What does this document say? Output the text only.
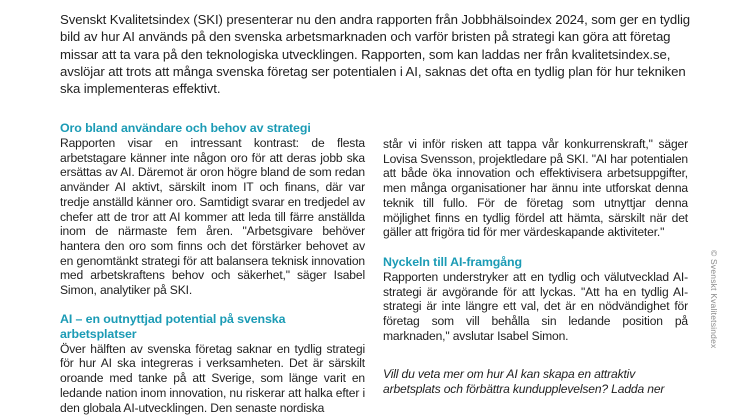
Svenskt Kvalitetsindex (SKI) presenterar nu den andra rapporten från Jobbhälsoindex 2024, som ger en tydlig bild av hur AI används på den svenska arbetsmarknaden och varför bristen på strategi kan göra att företag missar att ta vara på den teknologiska utvecklingen. Rapporten, som kan laddas ner från kvalitetsindex.se, avslöjar att trots att många svenska företag ser potentialen i AI, saknas det ofta en tydlig plan för hur tekniken ska implementeras effektivt.

Oro bland användare och behov av strategi

Rapporten visar en intressant kontrast: de flesta arbetstagare känner inte någon oro för att deras jobb ska ersättas av AI. Däremot är oron högre bland de som redan använder AI aktivt, särskilt inom IT och finans, där var tredje anställd känner oro. Samtidigt svarar en tredjedel av chefer att de tror att AI kommer att leda till färre anställda inom de närmaste fem åren. "Arbetsgivare behöver hantera den oro som finns och det förstärker behovet av en genomtänkt strategi för att balansera teknisk innovation med arbetskraftens behov och säkerhet," säger Isabel Simon, analytiker på SKI.

AI – en outnyttjad potential på svenska arbetsplatser

Över hälften av svenska företag saknar en tydlig strategi för hur AI ska integreras i verksamheten. Det är särskilt oroande med tanke på att Sverige, som länge varit en ledande nation inom innovation, nu riskerar att halka efter i den globala AI-utvecklingen. Den senaste nordiska

står vi inför risken att tappa vår konkurrenskraft," säger Lovisa Svensson, projektledare på SKI. "AI har potentialen att både öka innovation och effektivisera arbetsuppgifter, men många organisationer har ännu inte utforskat denna teknik till fullo. För de företag som utnyttjar denna möjlighet finns en tydlig fördel att hämta, särskilt när det gäller att frigöra tid för mer värdeskapande aktiviteter."

Nyckeln till AI-framgång

Rapporten understryker att en tydlig och välutvecklad AI-strategi är avgörande för att lyckas. "Att ha en tydlig AI-strategi är inte längre ett val, det är en nödvändighet för företag som vill behålla sin ledande position på marknaden," avslutar Isabel Simon.

Vill du veta mer om hur AI kan skapa en attraktiv arbetsplats och förbättra kundupplevelsen? Ladda ner

© Svenskt Kvalitetsindex
